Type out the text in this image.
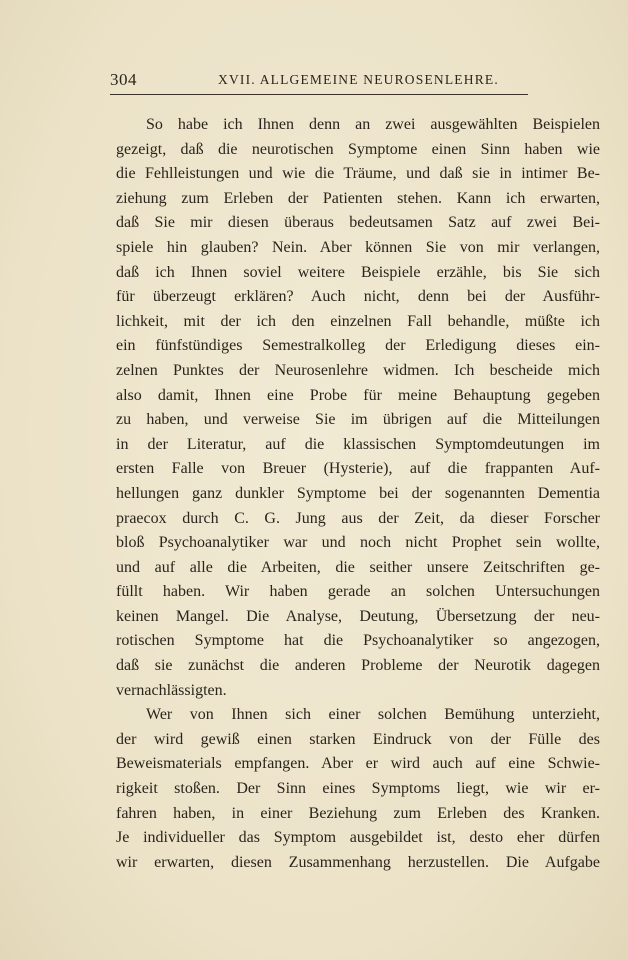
304	XVII. ALLGEMEINE NEUROSENLEHRE.
So habe ich Ihnen denn an zwei ausgewählten Beispielen
gezeigt, daß die neurotischen Symptome einen Sinn haben wie
die Fehlleistungen und wie die Träume, und daß sie in intimer Be-
ziehung zum Erleben der Patienten stehen. Kann ich erwarten,
daß Sie mir diesen überaus bedeutsamen Satz auf zwei Bei-
spiele hin glauben? Nein. Aber können Sie von mir verlangen,
daß ich Ihnen soviel weitere Beispiele erzähle, bis Sie sich
für überzeugt erklären? Auch nicht, denn bei der Ausführ-
lichkeit, mit der ich den einzelnen Fall behandle, müßte ich
ein fünfstündiges Semestralkolleg der Erledigung dieses ein-
zelnen Punktes der Neurosenlehre widmen. Ich bescheide mich
also damit, Ihnen eine Probe für meine Behauptung gegeben
zu haben, und verweise Sie im übrigen auf die Mitteilungen
in der Literatur, auf die klassischen Symptomdeutungen im
ersten Falle von Breuer (Hysterie), auf die frappanten Auf-
hellungen ganz dunkler Symptome bei der sogenannten Dementia
praecox durch C. G. Jung aus der Zeit, da dieser Forscher
bloß Psychoanalytiker war und noch nicht Prophet sein wollte,
und auf alle die Arbeiten, die seither unsere Zeitschriften ge-
füllt haben. Wir haben gerade an solchen Untersuchungen
keinen Mangel. Die Analyse, Deutung, Übersetzung der neu-
rotischen Symptome hat die Psychoanalytiker so angezogen,
daß sie zunächst die anderen Probleme der Neurotik dagegen
vernachlässigten.
Wer von Ihnen sich einer solchen Bemühung unterzieht,
der wird gewiß einen starken Eindruck von der Fülle des
Beweismaterials empfangen. Aber er wird auch auf eine Schwie-
rigkeit stoßen. Der Sinn eines Symptoms liegt, wie wir er-
fahren haben, in einer Beziehung zum Erleben des Kranken.
Je individueller das Symptom ausgebildet ist, desto eher dürfen
wir erwarten, diesen Zusammenhang herzustellen. Die Aufgabe
